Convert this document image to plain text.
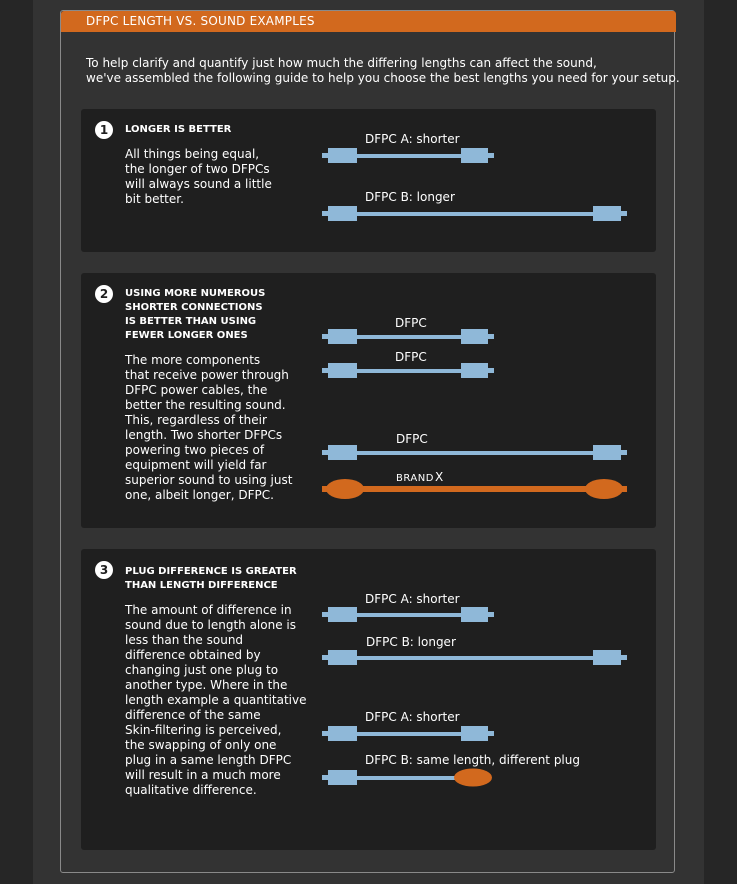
DFPC LENGTH VS. SOUND EXAMPLES
To help clarify and quantify just how much the differing lengths can affect the sound,
we've assembled the following guide to help you choose the best lengths you need for your setup.
1	LONGER IS BETTER
All things being equal,
the longer of two DFPCs
will always sound a little
bit better.
DFPC A: shorter
DFPC B: longer
2	USING MORE NUMEROUS
SHORTER CONNECTIONS
IS BETTER THAN USING
FEWER LONGER ONES
The more components
that receive power through
DFPC power cables, the
better the resulting sound.
This, regardless of their
length. Two shorter DFPCs
powering two pieces of
equipment will yield far
superior sound to using just
one, albeit longer, DFPC.
DFPC
DFPC
DFPC
BRAND X
3	PLUG DIFFERENCE IS GREATER
THAN LENGTH DIFFERENCE
The amount of difference in
sound due to length alone is
less than the sound
difference obtained by
changing just one plug to
another type. Where in the
length example a quantitative
difference of the same
Skin-filtering is perceived,
the swapping of only one
plug in a same length DFPC
will result in a much more
qualitative difference.
DFPC A: shorter
DFPC B: longer
DFPC A: shorter
DFPC B: same length, different plug
